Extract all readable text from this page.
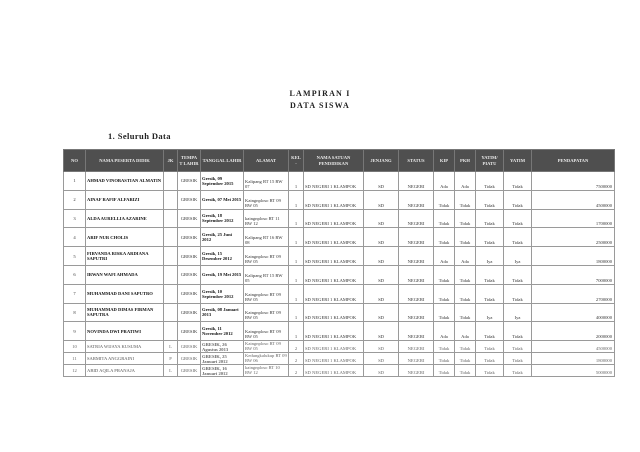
LAMPIRAN I
DATA SISWA
1. Seluruh Data
NO	NAMA PESERTA DIDIK	JK	TEMPA T LAHIR	TANGGAL LAHIR	ALAMAT	KEL -	NAMA SATUAN PENDIDIKAN	JENJANG	STATUS	KIP	PKH	YATIM/ PIATU	YATIM	PENDAPATAN
1	AHMAD VINOBASTIAN ALMATIN		GRESIK	Gresik, 09 September 2015	Kalipang RT 15 RW 07	1	SD NEGERI 1 KLAMPOK	SD	NEGERI	Ada	Ada	Tidak	Tidak	7500000
2	AINAF RAFIF ALFARIZI		GRESIK	Gresik, 07 Mei 2015	Kaingnploso RT 09 RW 05	1	SD NEGERI 1 KLAMPOK	SD	NEGERI	Tidak	Tidak	Tidak	Tidak	4500000
3	ALDA AURELLIA AZARINE		GRESIK	Gresik, 18 September 2012	kaingnploso RT 11 RW 12	1	SD NEGERI 1 KLAMPOK	SD	NEGERI	Tidak	Tidak	Tidak	Tidak	1700000
4	ARIF NUR CHOLIS		GRESIK	Gresik, 25 Juni 2012	Kalipang RT 16 RW 08	1	SD NEGERI 1 KLAMPOK	SD	NEGERI	Tidak	Tidak	Tidak	Tidak	2500000
5	FIRVANDA RISKA ARDIANA SAPUTRI		GRESIK	Gresik, 15 Desember 2012	Kaingnploso RT 09 RW 05	1	SD NEGERI 1 KLAMPOK	SD	NEGERI	Ada	Ada	Iya	Iya	1800000
6	IRWAN WAFI AHMADA		GRESIK	Gresik, 19 Mei 2015	Kalipang RT 15 RW 05	1	SD NEGERI 1 KLAMPOK	SD	NEGERI	Tidak	Tidak	Tidak	Tidak	7000000
7	MUHAMMAD DANI SAPUTRO		GRESIK	Gresik, 10 September 2012	Kaingnploso RT 09 RW 05	1	SD NEGERI 1 KLAMPOK	SD	NEGERI	Tidak	Tidak	Tidak	Tidak	2700000
8	MUHAMMAD DIMAS FIRMAN SAPUTRA		GRESIK	Gresik, 08 Januari 2013	Kaingnploso RT 09 RW 05	1	SD NEGERI 1 KLAMPOK	SD	NEGERI	Tidak	Tidak	Iya	Iya	4000000
9	NOVINDA DWI PRATIWI		GRESIK	Gresik, 11 November 2012	Kaingnploso RT 09 RW 05	1	SD NEGERI 1 KLAMPOK	SD	NEGERI	Ada	Ada	Tidak	Tidak	2000000
10	SATRIA WIJAYA KUSUMA	L	GRESIK	GRESIK, 26 Agustus 2013	Kaingnploso RT 09 RW 05	2	SD NEGERI 1 KLAMPOK	SD	NEGERI	Tidak	Tidak	Tidak	Tidak	4500000
11	SARMITA ANGGRAINI	P	GRESIK	GRESIK, 25 Januari 2012	Kedungkalukup RT 09 RW 06	2	SD NEGERI 1 KLAMPOK	SD	NEGERI	Tidak	Tidak	Tidak	Tidak	1800000
12	ABID AQILA PRANAJA	L	GRESIK	GRESIK, 16 Januari 2012	kaingnploso RT 10 RW 12	2	SD NEGERI 1 KLAMPOK	SD	NEGERI	Tidak	Tidak	Tidak	Tidak	5000000
